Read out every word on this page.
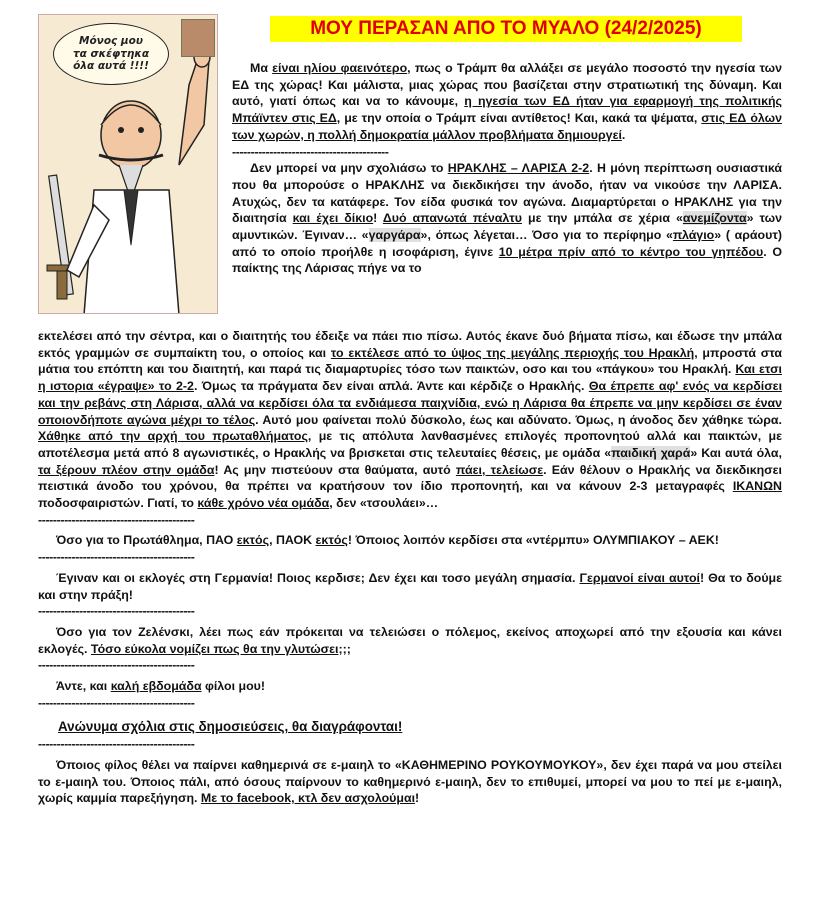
Μόνος μου
τα σκέφτηκα
όλα αυτά !!!!
ΜΟΥ ΠΕΡΑΣΑΝ ΑΠΟ ΤΟ ΜΥΑΛΟ (24/2/2025)

Μα είναι ηλίου φαεινότερο, πως ο Τράμπ θα αλλάξει σε μεγάλο ποσοστό την ηγεσία των ΕΔ της χώρας! Και μάλιστα, μιας χώρας που βασίζεται στην στρατιωτική της δύναμη. Και αυτό, γιατί όπως και να το κάνουμε, η ηγεσία των ΕΔ ήταν για εφαρμογή της πολιτικής Μπάϊντεν στις ΕΔ, με την οποία ο Τράμπ είναι αντίθετος! Και, κακά τα ψέματα, στις ΕΔ όλων των χωρών, η πολλή δημοκρατία μάλλον προβλήματα δημιουργεί.

------------------------------------------

Δεν μπορεί να μην σχολιάσω το ΗΡΑΚΛΗΣ – ΛΑΡΙΣΑ 2-2. Η μόνη περίπτωση ουσιαστικά που θα μπορούσε ο ΗΡΑΚΛΗΣ να διεκδικήσει την άνοδο, ήταν να νικούσε την ΛΑΡΙΣΑ. Ατυχώς, δεν τα κατάφερε. Τον είδα φυσικά τον αγώνα. Διαμαρτύρεται ο ΗΡΑΚΛΗΣ για την διαιτησία και έχει δίκιο! Δυό απανωτά πέναλτυ με την μπάλα σε χέρια «ανεμίζοντα» των αμυντικών. Έγιναν… «γαργάρα», όπως λέγεται… Όσο για το περίφημο «πλάγιο» ( αράουτ) από το οποίο προήλθε η ισοφάριση, έγινε 10 μέτρα πρίν από το κέντρο του γηπέδου. Ο παίκτης της Λάρισας πήγε να το

εκτελέσει από την σέντρα, και ο διαιτητής του έδειξε να πάει πιο πίσω. Αυτός έκανε δυό βήματα πίσω, και έδωσε την μπάλα εκτός γραμμών σε συμπαίκτη του, ο οποίος και το εκτέλεσε από το ύψος της μεγάλης περιοχής του Ηρακλή, μπροστά στα μάτια του επόπτη και του διαιτητή, και παρά τις διαμαρτυρίες τόσο των παικτών, οσο και του «πάγκου» του Ηρακλή. Και ετσι η ιστορια «έγραψε» το 2-2. Όμως τα πράγματα δεν είναι απλά. Άντε και κέρδιζε ο Ηρακλής. Θα έπρεπε αφ' ενός να κερδίσει και την ρεβάνς στη Λάρισα, αλλά να κερδίσει όλα τα ενδιάμεσα παιχνίδια, ενώ η Λάρισα θα έπρεπε να μην κερδίσει σε έναν οποιονδήποτε αγώνα μέχρι το τέλος. Αυτό μου φαίνεται πολύ δύσκολο, έως και αδύνατο. Όμως, η άνοδος δεν χάθηκε τώρα. Χάθηκε από την αρχή του πρωταθλήματος, με τις απόλυτα λανθασμένες επιλογές προπονητού αλλά και παικτών, με αποτέλεσμα μετά από 8 αγωνιστικές, ο Ηρακλής να βρισκεται στις τελευταίες θέσεις, με ομάδα «παιδική χαρά» Και αυτά όλα, τα ξέρουν πλέον στην ομάδα! Ας μην πιστεύουν στα θαύματα, αυτό πάει, τελείωσε. Εάν θέλουν ο Ηρακλής να διεκδικησει πειστικά άνοδο του χρόνου, θα πρέπει να κρατήσουν τον ίδιο προπονητή, και να κάνουν 2-3 μεταγραφές ΙΚΑΝΩΝ ποδοσφαιριστών. Γιατί, το κάθε χρόνο νέα ομάδα, δεν «τσουλάει»…

------------------------------------------

Όσο για το Πρωτάθλημα, ΠΑΟ εκτός, ΠΑΟΚ εκτός! Όποιος λοιπόν κερδίσει στα «ντέρμπυ» ΟΛΥΜΠΙΑΚΟΥ – ΑΕΚ!

------------------------------------------

Έγιναν και οι εκλογές στη Γερμανία! Ποιος κερδισε; Δεν έχει και τοσο μεγάλη σημασία. Γερμανοί είναι αυτοί! Θα το δούμε και στην πράξη!

------------------------------------------

Όσο για τον Ζελένσκι, λέει πως εάν πρόκειται να τελειώσει ο πόλεμος, εκείνος αποχωρεί από την εξουσία και κάνει εκλογές. Τόσο εύκολα νομίζει πως θα την γλυτώσει;;;

------------------------------------------

Άντε, και καλή εβδομάδα φίλοι μου!

------------------------------------------

Ανώνυμα σχόλια στις δημοσιεύσεις, θα διαγράφονται!

------------------------------------------

Όποιος φίλος θέλει να παίρνει καθημερινά σε ε-μαιηλ το «ΚΑΘΗΜΕΡΙΝΟ ΡΟΥΚΟΥΜΟΥΚΟΥ», δεν έχει παρά να μου στείλει το ε-μαιηλ του. Όποιος πάλι, από όσους παίρνουν το καθημερινό ε-μαιηλ, δεν το επιθυμεί, μπορεί να μου το πεί με ε-μαιηλ, χωρίς καμμία παρεξήγηση. Με το facebook, κτλ δεν ασχολούμαι!
